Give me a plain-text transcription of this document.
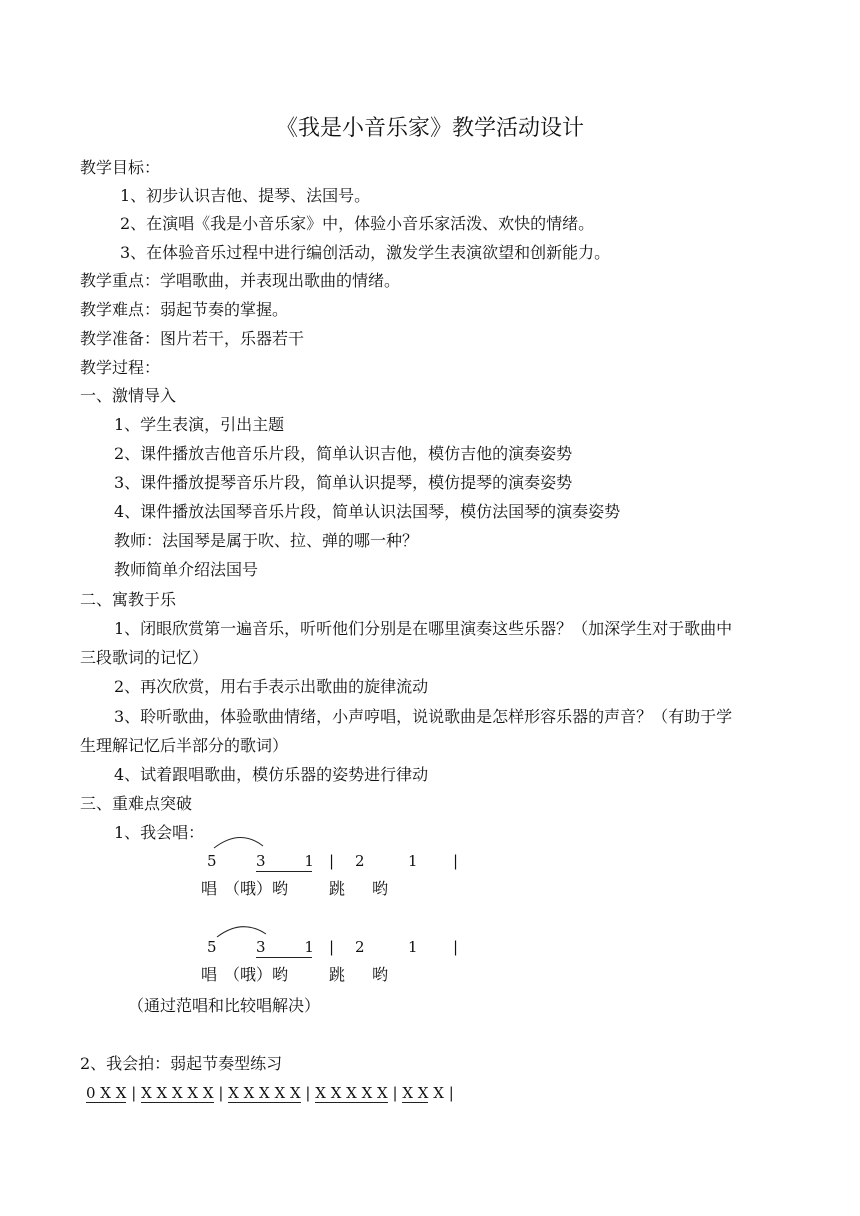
《我是小音乐家》教学活动设计
教学目标：
1、初步认识吉他、提琴、法国号。
2、在演唱《我是小音乐家》中，体验小音乐家活泼、欢快的情绪。
3、在体验音乐过程中进行编创活动，激发学生表演欲望和创新能力。
教学重点：学唱歌曲，并表现出歌曲的情绪。
教学难点：弱起节奏的掌握。
教学准备：图片若干，乐器若干
教学过程：
一、激情导入
1、学生表演，引出主题
2、课件播放吉他音乐片段，简单认识吉他，模仿吉他的演奏姿势
3、课件播放提琴音乐片段，简单认识提琴，模仿提琴的演奏姿势
4、课件播放法国琴音乐片段，简单认识法国琴，模仿法国琴的演奏姿势
教师：法国琴是属于吹、拉、弹的哪一种？
教师简单介绍法国号
二、寓教于乐
1、闭眼欣赏第一遍音乐，听听他们分别是在哪里演奏这些乐器？（加深学生对于歌曲中
三段歌词的记忆）
2、再次欣赏，用右手表示出歌曲的旋律流动
3、聆听歌曲，体验歌曲情绪，小声哼唱，说说歌曲是怎样形容乐器的声音？（有助于学
生理解记忆后半部分的歌词）
4、试着跟唱歌曲，模仿乐器的姿势进行律动
三、重难点突破
1、我会唱：
5	3	1 | 2	1 |
唱 （哦）哟	跳 哟
5	3	1 | 2	1 |
唱 （哦）哟	跳 哟
（通过范唱和比较唱解决）
2、我会拍：弱起节奏型练习
0 X X | X X X X X | X X X X X | X X X X X | X X X |
